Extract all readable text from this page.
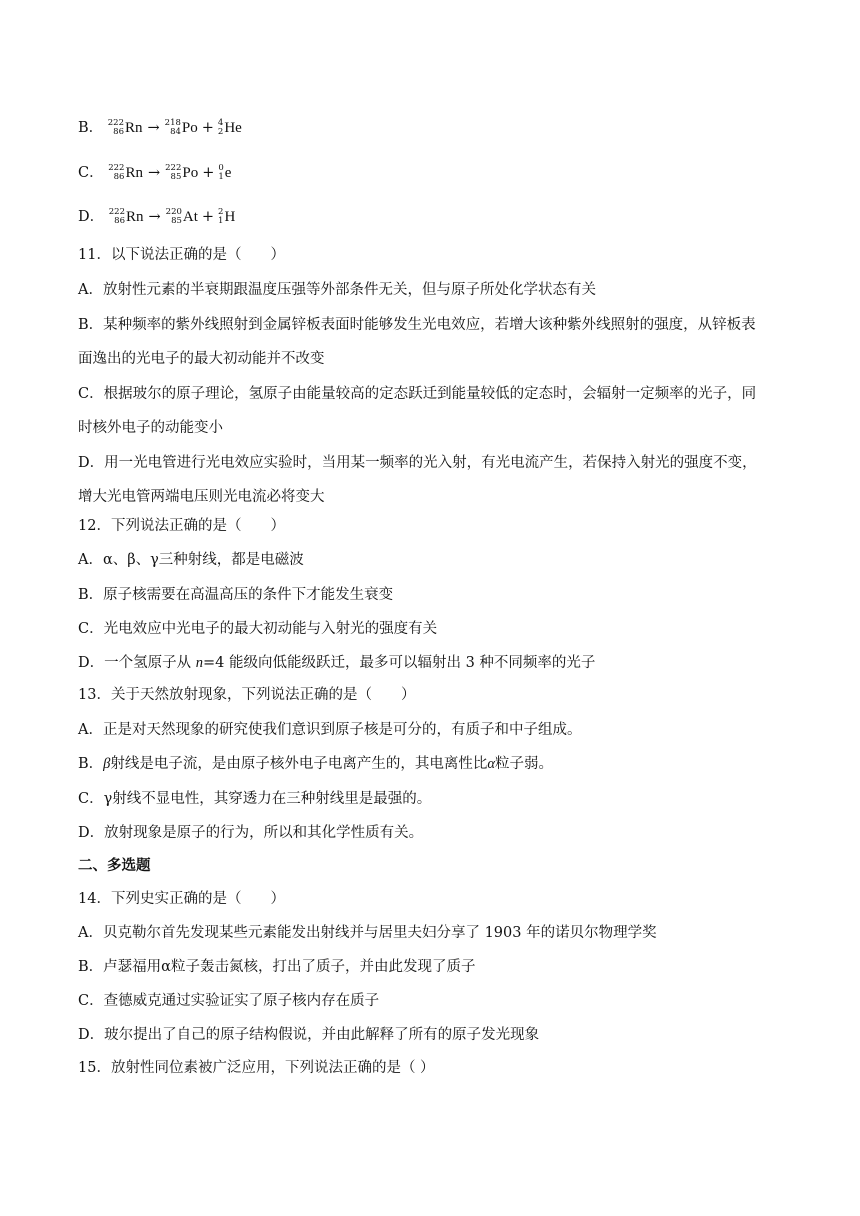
B． 222
86 Rn → 218
84 Po + 4
2 He
C． 222
86 Rn → 222
85 Po + 0
1 e
D． 222
86 Rn → 220
85 At + 2
1 H
11．以下说法正确的是（　　）
A．放射性元素的半衰期跟温度压强等外部条件无关，但与原子所处化学状态有关
B．某种频率的紫外线照射到金属锌板表面时能够发生光电效应，若增大该种紫外线照射的强度，从锌板表
面逸出的光电子的最大初动能并不改变
C．根据玻尔的原子理论，氢原子由能量较高的定态跃迁到能量较低的定态时，会辐射一定频率的光子，同
时核外电子的动能变小
D．用一光电管进行光电效应实验时，当用某一频率的光入射，有光电流产生，若保持入射光的强度不变，
增大光电管两端电压则光电流必将变大
12．下列说法正确的是（　　）
A．α、β、γ三种射线，都是电磁波
B．原子核需要在高温高压的条件下才能发生衰变
C．光电效应中光电子的最大初动能与入射光的强度有关
D．一个氢原子从 n=4 能级向低能级跃迁，最多可以辐射出 3 种不同频率的光子
13．关于天然放射现象，下列说法正确的是（　　）
A．正是对天然现象的研究使我们意识到原子核是可分的，有质子和中子组成。
B．β射线是电子流，是由原子核外电子电离产生的，其电离性比α粒子弱。
C．γ射线不显电性，其穿透力在三种射线里是最强的。
D．放射现象是原子的行为，所以和其化学性质有关。
二、多选题
14．下列史实正确的是（　　）
A．贝克勒尔首先发现某些元素能发出射线并与居里夫妇分享了 1903 年的诺贝尔物理学奖
B．卢瑟福用α粒子轰击氮核，打出了质子，并由此发现了质子
C．查德威克通过实验证实了原子核内存在质子
D．玻尔提出了自己的原子结构假说，并由此解释了所有的原子发光现象
15．放射性同位素被广泛应用，下列说法正确的是（ ）
